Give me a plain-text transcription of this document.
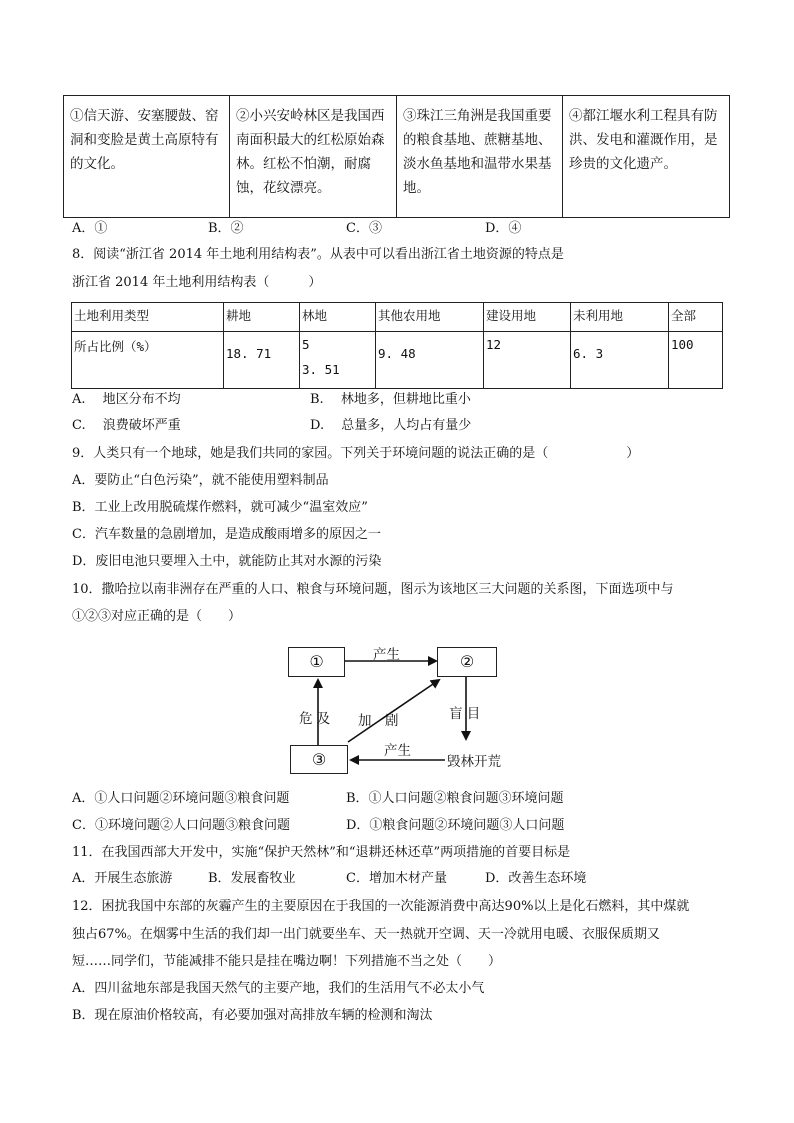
①信天游、安塞腰鼓、窑洞和变脸是黄土高原特有的文化。
②小兴安岭林区是我国西南面积最大的红松原始森林。红松不怕潮，耐腐蚀，花纹漂亮。
③珠江三角洲是我国重要的粮食基地、蔗糖基地、淡水鱼基地和温带水果基地。
④都江堰水利工程具有防洪、发电和灌溉作用，是珍贵的文化遗产。
A．①	B．②	C．③	D．④
8．阅读“浙江省 2014 年土地利用结构表”。从表中可以看出浙江省土地资源的特点是
浙江省 2014 年土地利用结构表（　　　）
土地利用类型	耕地	林地	其他农用地	建设用地	未利用地	全部
所占比例（%）	18. 71	5
3. 51	9. 48	12	6. 3	100
A.　 地区分布不均	B.　 林地多，但耕地比重小
C.　 浪费破坏严重	D.　 总量多，人均占有量少
9．人类只有一个地球，她是我们共同的家园。下列关于环境问题的说法正确的是（　　　　　　）
A．要防止“白色污染”，就不能使用塑料制品
B．工业上改用脱硫煤作燃料，就可减少“温室效应”
C．汽车数量的急剧增加，是造成酸雨增多的原因之一
D．废旧电池只要埋入土中，就能防止其对水源的污染
10．撒哈拉以南非洲存在严重的人口、粮食与环境问题，图示为该地区三大问题的关系图，下面选项中与
①②③对应正确的是（　　）
①	②
③
产生
危 及 加　剧	盲 目
产生
毁林开荒
A．①人口问题②环境问题③粮食问题	B．①人口问题②粮食问题③环境问题
C．①环境问题②人口问题③粮食问题	D．①粮食问题②环境问题③人口问题
11．在我国西部大开发中，实施“保护天然林”和“退耕还林还草”两项措施的首要目标是
A．开展生态旅游	B．发展畜牧业	C．增加木材产量	D．改善生态环境
12．困扰我国中东部的灰霾产生的主要原因在于我国的一次能源消费中高达90%以上是化石燃料，其中煤就
独占67%。在烟雾中生活的我们却一出门就要坐车、天一热就开空调、天一冷就用电暖、衣服保质期又
短……同学们，节能减排不能只是挂在嘴边啊！下列措施不当之处（　　）
A．四川盆地东部是我国天然气的主要产地，我们的生活用气不必太小气
B．现在原油价格较高，有必要加强对高排放车辆的检测和淘汰
